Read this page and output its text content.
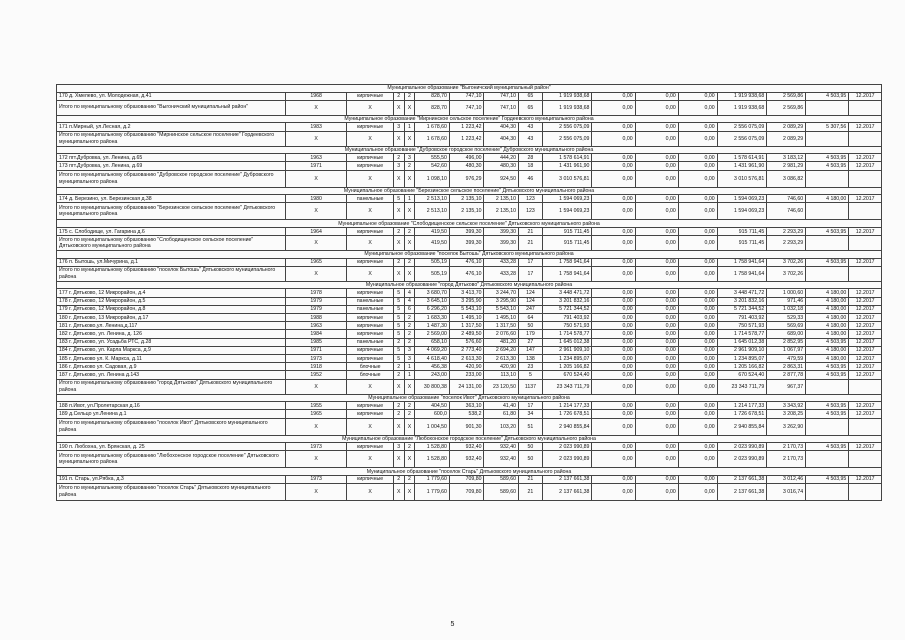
Муниципальное образование "Выгоничский муниципальный район"																
170 д. Хмелево, ул. Молодежная, д.41	1968	кирпичные	2	2	828,70	747,10	747,10	65	1 919 938,68	0,00	0,00	0,00	1 919 938,68	2 569,86	4 503,95	12.2017
Итого по муниципальному образованию "Выгоничский муниципальный район"	X	X	X	X	828,70	747,10	747,10	65	1 919 938,68	0,00	0,00	0,00	1 919 938,68	2 569,86		
Муниципальное образование "Мирнинское сельское поселение" Гордеевского муниципального района																
171 п.Мирный, ул.Лесная, д.2	1983	кирпичные	3	1	1 678,60	1 223,42	404,30	43	2 556 075,09	0,00	0,00	0,00	2 556 075,09	2 089,29	5 307,56	12.2017
Итого по муниципальному образованию "Мирнинское сельское поселение" Гордеевского муниципального района	X	X	X	X	1 678,60	1 223,42	404,30	43	2 556 075,09	0,00	0,00	0,00	2 556 075,09	2 089,29		
Муниципальное образование "Дубровское городское поселение" Дубровского муниципального района																
172 пгт.Дубровка, ул. Ленина, д.65	1963	кирпичные	2	3	555,50	496,00	444,20	28	1 578 614,91	0,00	0,00	0,00	1 578 614,91	3 183,12	4 503,95	12.2017
173 пгт.Дубровка, ул. Ленина, д.69	1971	кирпичные	3	2	542,60	480,30	480,30	18	1 431 961,90	0,00	0,00	0,00	1 431 961,90	2 981,29	4 503,95	12.2017
Итого по муниципальному образованию "Дубровское городское поселение" Дубровского муниципального района	X	X	X	X	1 098,10	976,29	924,50	46	3 010 576,81	0,00	0,00	0,00	3 010 576,81	3 086,82		
Муниципальное образование "Березинское сельское поселение" Дятьковского муниципального района																
174 д. Березино, ул. Березинская д.38	1980	панельные	5	1	2 513,10	2 135,10	2 135,10	123	1 594 069,23	0,00	0,00	0,00	1 594 069,23	746,60	4 180,00	12.2017
Итого по муниципальному образованию "Березинское сельское поселение" Дятьковского муниципального района	X	X	X	X	2 513,10	2 135,10	2 135,10	123	1 594 069,23	0,00	0,00	0,00	1 594 069,23	746,60		
Муниципальное образование "Слободищенское сельское поселение" Дятьковского муниципального района																
175 с. Слободище, ул. Гагарина д.6	1964	кирпичные	2	2	419,50	399,30	399,30	21	915 711,45	0,00	0,00	0,00	915 711,45	2 293,29	4 503,95	12.2017
Итого по муниципальному образованию "Слободищенское сельское поселение" Дятьковского муниципального района	X	X	X	X	419,50	399,30	399,30	21	915 711,45	0,00	0,00	0,00	915 711,45	2 293,29		
Муниципальное образование "поселок Бытошь" Дятьковского муниципального района																
176 п. Бытошь, ул.Мичурина, д.1	1965	кирпичные	2	2	505,19	476,10	433,28	17	1 758 941,64	0,00	0,00	0,00	1 758 941,64	3 702,26	4 503,95	12.2017
Итого по муниципальному образованию "поселок Бытошь" Дятьковского муниципального района	X	X	X	X	505,19	476,10	433,28	17	1 758 941,64	0,00	0,00	0,00	1 758 941,64	3 702,26		
Муниципальное образование "город Дятьково" Дятьковского муниципального района																
177 г. Дятьково, 12 Микрорайон, д.4	1978	кирпичные	5	4	3 680,70	3 413,70	3 244,70	124	3 448 471,72	0,00	0,00	0,00	3 448 471,72	1 000,60	4 180,00	12.2017
178 г. Дятьково, 12 Микрорайон, д.5	1979	панельные	5	4	3 645,10	3 295,90	3 295,90	124	3 201 832,16	0,00	0,00	0,00	3 201 832,16	971,46	4 180,00	12.2017
179 г. Дятьково, 12 Микрорайон, д.8	1979	панельные	5	6	6 296,20	5 543,10	5 543,10	247	5 721 344,52	0,00	0,00	0,00	5 721 344,52	1 032,18	4 180,00	12.2017
180 г. Дятьково, 13 Микрорайон, д.17	1988	кирпичные	5	2	1 683,30	1 495,10	1 495,10	64	791 403,92	0,00	0,00	0,00	791 403,92	529,33	4 180,00	12.2017
181 г. Дятьково,ул. Ленина,д.117	1963	кирпичные	5	2	1 487,30	1 317,50	1 317,50	50	750 571,93	0,00	0,00	0,00	750 571,93	569,69	4 180,00	12.2017
182 г. Дятьково, ул. Ленина, д. 126	1984	кирпичные	5	2	2 569,00	2 489,50	2 076,60	179	1 714 578,77	0,00	0,00	0,00	1 714 578,77	689,00	4 180,00	12.2017
183 г. Дятьково, ул. Усадьба РТС, д.28	1985	панельные	2	2	658,10	576,60	481,20	27	1 645 012,38	0,00	0,00	0,00	1 645 012,38	2 852,95	4 503,95	12.2017
184 г. Дятьково, ул. Карла Маркса, д.9	1971	кирпичные	5	3	4 069,20	2 773,40	2 694,20	147	2 961 909,10	0,00	0,00	0,00	2 961 909,10	1 067,97	4 180,00	12.2017
185 г. Дятьково ул. К. Маркса, д.11	1973	кирпичные	5	3	4 618,40	2 613,30	2 613,30	138	1 234 895,07	0,00	0,00	0,00	1 234 895,07	479,59	4 180,00	12.2017
186 г. Дятьково ул. Садовая, д.9	1918	блочные	2	1	456,38	420,90	420,90	23	1 205 166,82	0,00	0,00	0,00	1 205 166,82	2 863,31	4 503,95	12.2017
187 г. Дятьково, ул. Ленина д.143	1952	блочные	2	1	243,00	233,00	113,10	5	670 524,40	0,00	0,00	0,00	670 524,40	2 877,78	4 503,95	12.2017
Итого по муниципальному образованию "город Дятьково" Дятьковского муниципального района	X	X	X	X	30 800,38	24 131,00	23 120,50	1137	23 343 711,79	0,00	0,00	0,00	23 343 711,79	967,37		
Муниципальное образование "поселок Ивот" Дятьковского муниципального района																
188 п.Ивот, ул.Пролетарская д.16	1955	кирпичные	2	2	404,50	363,10	41,40	17	1 214 177,33	0,00	0,00	0,00	1 214 177,33	3 343,92	4 503,95	12.2017
189 д.Сельцо ул.Ленина д.1	1965	кирпичные	2	2	600,0	538,2	61,80	34	1 726 678,51	0,00	0,00	0,00	1 726 678,51	3 208,25	4 503,95	12.2017
Итого по муниципальному образованию "поселок Ивот" Дятьковского муниципального района	X	X	X	X	1 004,50	901,30	103,20	51	2 940 855,84	0,00	0,00	0,00	2 940 855,84	3 262,90		
Муниципальное образование "Любохонское городское поселение" Дятьковского муниципального района																
190 п. Любохна, ул. Брянская, д. 25	1973	кирпичные	3	2	1 528,80	932,40	932,40	50	2 023 990,89	0,00	0,00	0,00	2 023 990,89	2 170,73	4 503,95	12.2017
Итого по муниципальному образованию "Любохонское городское поселение" Дятьковского муниципального района	X	X	X	X	1 528,80	932,40	932,40	50	2 023 990,89	0,00	0,00	0,00	2 023 990,89	2 170,73		
Муниципальное образование "поселок Старь" Дятьковского муниципального района																
191 п. Старь, ул.Рябка, д.3	1973	кирпичные	2	2	1 779,60	709,80	589,60	21	2 137 661,38	0,00	0,00	0,00	2 137 661,38	3 012,46	4 503,95	12.2017
Итого по муниципальному образованию "поселок Старь" Дятьковского муниципального района	X	X	X	X	1 779,60	709,80	589,60	21	2 137 661,38	0,00	0,00	0,00	2 137 661,38	3 016,74		
5
